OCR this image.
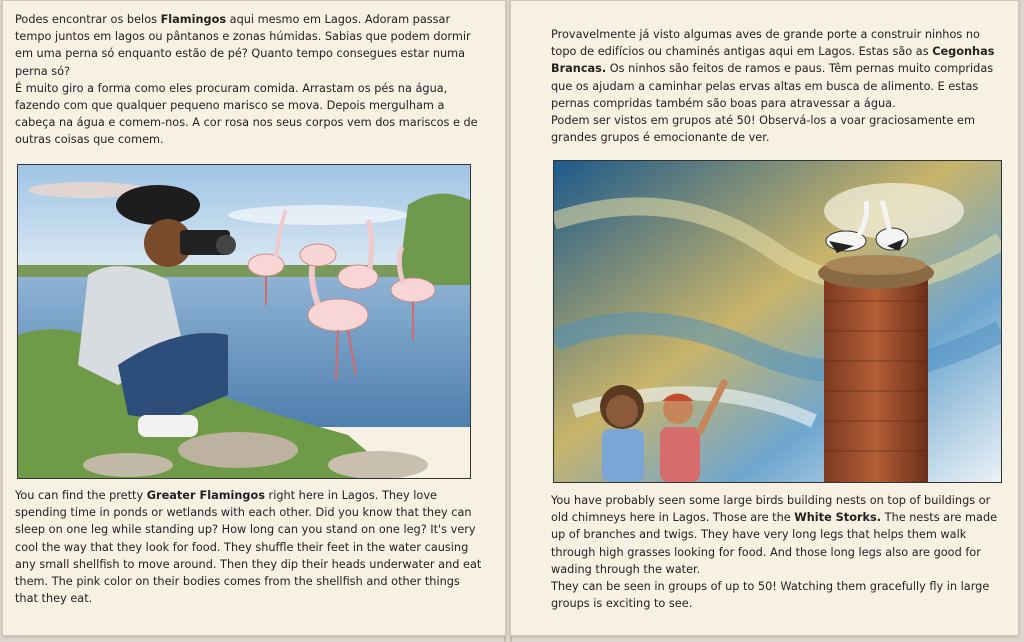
Podes encontrar os belos Flamingos aqui mesmo em Lagos. Adoram passar tempo juntos em lagos ou pântanos e zonas húmidas. Sabias que podem dormir em uma perna só enquanto estão de pé? Quanto tempo consegues estar numa perna só?

É muito giro a forma como eles procuram comida. Arrastam os pés na água, fazendo com que qualquer pequeno marisco se mova. Depois mergulham a cabeça na água e comem-nos. A cor rosa nos seus corpos vem dos mariscos e de outras coisas que comem.

You can find the pretty Greater Flamingos right here in Lagos. They love spending time in ponds or wetlands with each other. Did you know that they can sleep on one leg while standing up? How long can you stand on one leg? It's very cool the way that they look for food. They shuffle their feet in the water causing any small shellfish to move around. Then they dip their heads underwater and eat them. The pink color on their bodies comes from the shellfish and other things that they eat.

Provavelmente já visto algumas aves de grande porte a construir ninhos no topo de edifícios ou chaminés antigas aqui em Lagos. Estas são as Cegonhas Brancas. Os ninhos são feitos de ramos e paus. Têm pernas muito compridas que os ajudam a caminhar pelas ervas altas em busca de alimento. E estas pernas compridas também são boas para atravessar a água.

Podem ser vistos em grupos até 50! Observá-los a voar graciosamente em grandes grupos é emocionante de ver.

You have probably seen some large birds building nests on top of buildings or old chimneys here in Lagos. Those are the White Storks. The nests are made up of branches and twigs. They have very long legs that helps them walk through high grasses looking for food. And those long legs also are good for wading through the water.

They can be seen in groups of up to 50! Watching them gracefully fly in large groups is exciting to see.
